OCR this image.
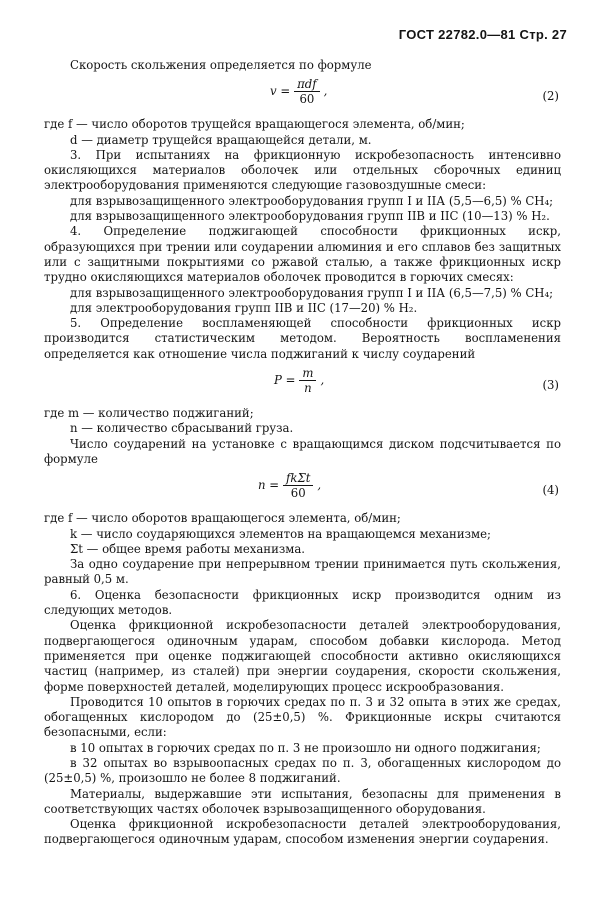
ГОСТ 22782.0—81 Стр. 27

Скорость скольжения определяется по формуле

$v = \frac{\text{πdf}}{60}$ ,	(2)

где f — число оборотов трущейся вращающегося элемента, об/мин;

d — диаметр трущейся вращающейся детали, м.

3. При испытаниях на фрикционную искробезопасность интенсивно окисляющихся материалов оболочек или отдельных сборочных единиц электрооборудования применяются следующие газовоздушные смеси:

для взрывозащищенного электрооборудования групп I и IIА (5,5—6,5) % СН₄;

для взрывозащищенного электрооборудования групп IIВ и IIС (10—13) % Н₂.

4. Определение поджигающей способности фрикционных искр, образующихся при трении или соударении алюминия и его сплавов без защитных или с защитными покрытиями со ржавой сталью, а также фрикционных искр трудно окисляющихся материалов оболочек проводится в горючих смесях:

для взрывозащищенного электрооборудования групп I и IIА (6,5—7,5) % СН₄;

для электрооборудования групп IIВ и IIС (17—20) % Н₂.

5. Определение воспламеняющей способности фрикционных искр производится статистическим методом. Вероятность воспламенения определяется как отношение числа поджиганий к числу соударений

$P = \frac{m}{n}$ ,	(3)

где m — количество поджиганий;

n — количество сбрасываний груза.

Число соударений на установке с вращающимся диском подсчитывается по формуле

$n = \frac{\text{fkΣt}}{60}$ ,	(4)

где f — число оборотов вращающегося элемента, об/мин;

k — число соударяющихся элементов на вращающемся механизме;

Σt — общее время работы механизма.

За одно соударение при непрерывном трении принимается путь скольжения, равный 0,5 м.

6. Оценка безопасности фрикционных искр производится одним из следующих методов.

Оценка фрикционной искробезопасности деталей электрооборудования, подвергающегося одиночным ударам, способом добавки кислорода. Метод применяется при оценке поджигающей способности активно окисляющихся частиц (например, из сталей) при энергии соударения, скорости скольжения, форме поверхностей деталей, моделирующих процесс искрообразования.

Проводится 10 опытов в горючих средах по п. 3 и 32 опыта в этих же средах, обогащенных кислородом до (25±0,5) %. Фрикционные искры считаются безопасными, если:

в 10 опытах в горючих средах по п. 3 не произошло ни одного поджигания;

в 32 опытах во взрывоопасных средах по п. 3, обогащенных кислородом до (25±0,5) %, произошло не более 8 поджиганий.

Материалы, выдержавшие эти испытания, безопасны для применения в соответствующих частях оболочек взрывозащищенного оборудования.

Оценка фрикционной искробезопасности деталей электрооборудования, подвергающегося одиночным ударам, способом изменения энергии соударения.
